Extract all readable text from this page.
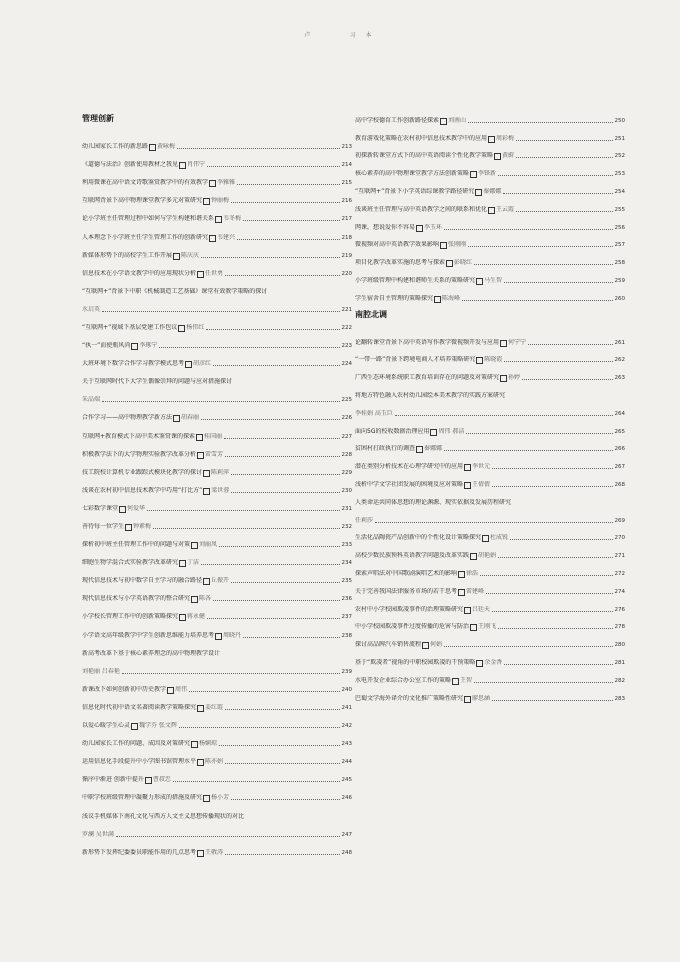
卢	习 本
管理创新
幼儿园家长工作的新思路 黄咏梅	213
《道德与法治》创新使用教材之我见 肖伟宁	214
利用微课在高中语文诗歌鉴赏教学中的有效教学 李雅雅	215
互联网背景下高中物理课堂教学多元对策研究 钟丽梅	216
论小学班主任管理过程中如何与学生构建和谐关系 韦冬梅	217
人本理念下小学班主任学生管理工作的创新研究 韦建兴	218
新媒体形势下的高校学生工作开展 陈庆庆	219
信息技术在小学语文教学中的应用现状分析 任世勇	220
“互联网+”背景下中职《机械制造工艺基础》课堂有效教学策略的探讨
水启英	221
“互联网+”视域下基层党建工作包议 杨伟红	222
“执一”而使瓶风尚 李琢宁	223
大班环境下数学合作学习教学模式思考 胡彦红	224
关于互联网时代下大学生偶像崇拜的问题与应对措施探讨
朱品端	225
合作学习——高中物理教学新方法 胡春丽	226
互联网+教育模式下高中美术鉴赏课的探索 桂国丽	227
积极教学法下的大学物理实验教学改革分析 雷雪芳	228
技工院校计算机专业跟踪式模块化教学的探讨 陈莉萍	229
浅谈在农村初中信息技术教学中巧用“打比方” 梁世蓉	230
七彩数学课堂 何爱华	231
善待每一位学生 钟素梅	232
探析初中班主任管理工作中的问题与对策 刘丽凤	233
细胞生物学混合式实验教学改革研究 丁洁	234
现代信息技术与初中数学自主学习的融合路径 丘振开	235
现代信息技术与小学英语教学的整合研究 陈各	236
小学校长管理工作中的创新策略探究 蒋永健	237
小学语文高年级教学中学生创新思维能力培养思考 周晓丹	238
新高考改革下基于核心素养理念的高中物理教学设计
刘艳丽 吕春艳	239
新课改下如何创新初中历史教学 周伟	240
信息化时代初中语文名著阅读教学策略探究 姜红霞	241
以爱心暖学生心灵 魏学芬 张文辉	242
幼儿园家长工作的问题、成因及对策研究 杨娴琼	243
运用信息化手段提升中小学图书馆管理水平 陈亦娟	244
循序中渐进 创新中提升 曹叔忠	245
中职学校班级管理中凝聚力形成的措施及研究 杨小芳	246
浅议手机媒体下南孔文化与西方人文主义思想传播现状的对比
罗澜 吴世满	247
新形势下发挥纪委委员职能作用的几点思考 王敬涛	248
高中学校德育工作创新路径探索 刘南山	250
教育游戏化策略在农村初中信息技术教学中的应用 周彩梅	251
初探新转课堂方式下的高中英语阅读个性化教学策略 黄蔚	252
核心素养的高中物理课堂教学方法创新策略 李锋新	253
“互联网+”背景下小学英语综课教学路径研究 秦娜娜	254
浅谈班主任管理与高中英语教学之间的联系和优化 王云霞	255
网课，想说爱你不容易 李玉环	256
微视频对高中英语教学效果影响 张刚刚	257
项目化教学改革实施的思考与探索 彭晓红	258
小学班级管理中构建和谐师生关系的策略研究 马生智	259
学生宿舍自主管理的策略探究 陈海峰	260
南腔北调
论翻转课堂背景下高中英语写作教学微视频开发与应用 何宁宁	261
“一带一路”背景下跨境电商人才培养策略研究 陈晓霞	262
广西生态环境系统职工教育培训存在的问题及对策研究 孙婷	263
将地方特色融入农村幼儿园绘本美术教学的实践方案研究
李桂娟 高玉巨	264
面向5G的校收数据治理应用 周伟 郝洁	265
贫困村打政执行的调查 秦娜娜	266
潜在类别分析技术在心理学研究中的应用 李世元	267
浅析中学文学社团发展的困境及应对策略 王倩倩	268
人类命运共同体思想的理论渊源、现实依据及发展历程研究
任莉莎	269
生活化品陶瓷产品创新中的个性化设计策略探究 杜成锐	270
高校少数民族预科英语教学问题及改革实践 胡艳娟	271
探索声唱法对中国歌剧演唱艺术的影响 徐浩	272
关于完善我国法律服务市场的若干思考 雷建峰	274
农村中小学校园欺凌事件的治理策略研究 吕廷天	276
中小学校园欺凌事件过度传播的危害与防治 王刚飞	278
探讨高品牌汽车销售流程 何娟	280
基于“欺凌者”视角的中职校园欺凌的干预策略 余金香	281
水电开发企业综合办公室工作的策略 王智	282
巴蜀文学海外译介的文化推广策略性研究 廖思涵	283
